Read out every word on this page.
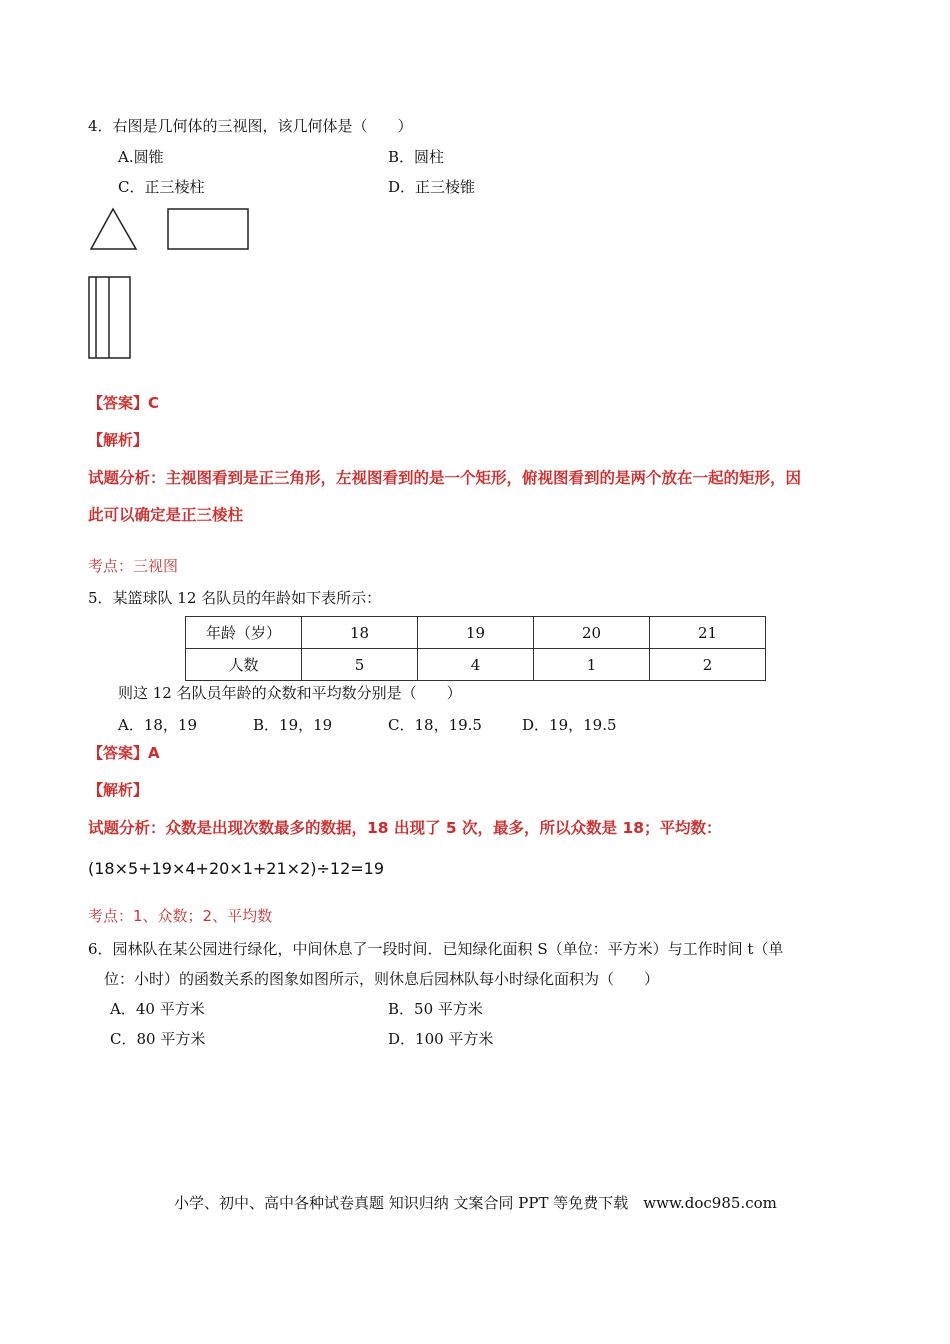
4．右图是几何体的三视图，该几何体是（　　）
A.圆锥	B．圆柱
C．正三棱柱	D．正三棱锥
【答案】C
【解析】
试题分析：主视图看到是正三角形，左视图看到的是一个矩形，俯视图看到的是两个放在一起的矩形，因
此可以确定是正三棱柱
考点：三视图
5．某篮球队 12 名队员的年龄如下表所示：
年龄（岁）	18	19	20	21
人数	5	4	1	2
则这 12 名队员年龄的众数和平均数分别是（　　）
A．18，19	B．19，19	C．18，19.5	D．19，19.5
【答案】A
【解析】
试题分析：众数是出现次数最多的数据，18 出现了 5 次，最多，所以众数是 18；平均数：
(18×5+19×4+20×1+21×2)÷12=19
考点：1、众数；2、平均数
6．园林队在某公园进行绿化，中间休息了一段时间．已知绿化面积 S（单位：平方米）与工作时间 t（单
位：小时）的函数关系的图象如图所示，则休息后园林队每小时绿化面积为（　　）
A．40 平方米	B．50 平方米
C．80 平方米	D．100 平方米
小学、初中、高中各种试卷真题 知识归纳 文案合同 PPT 等免费下载　www.doc985.com
